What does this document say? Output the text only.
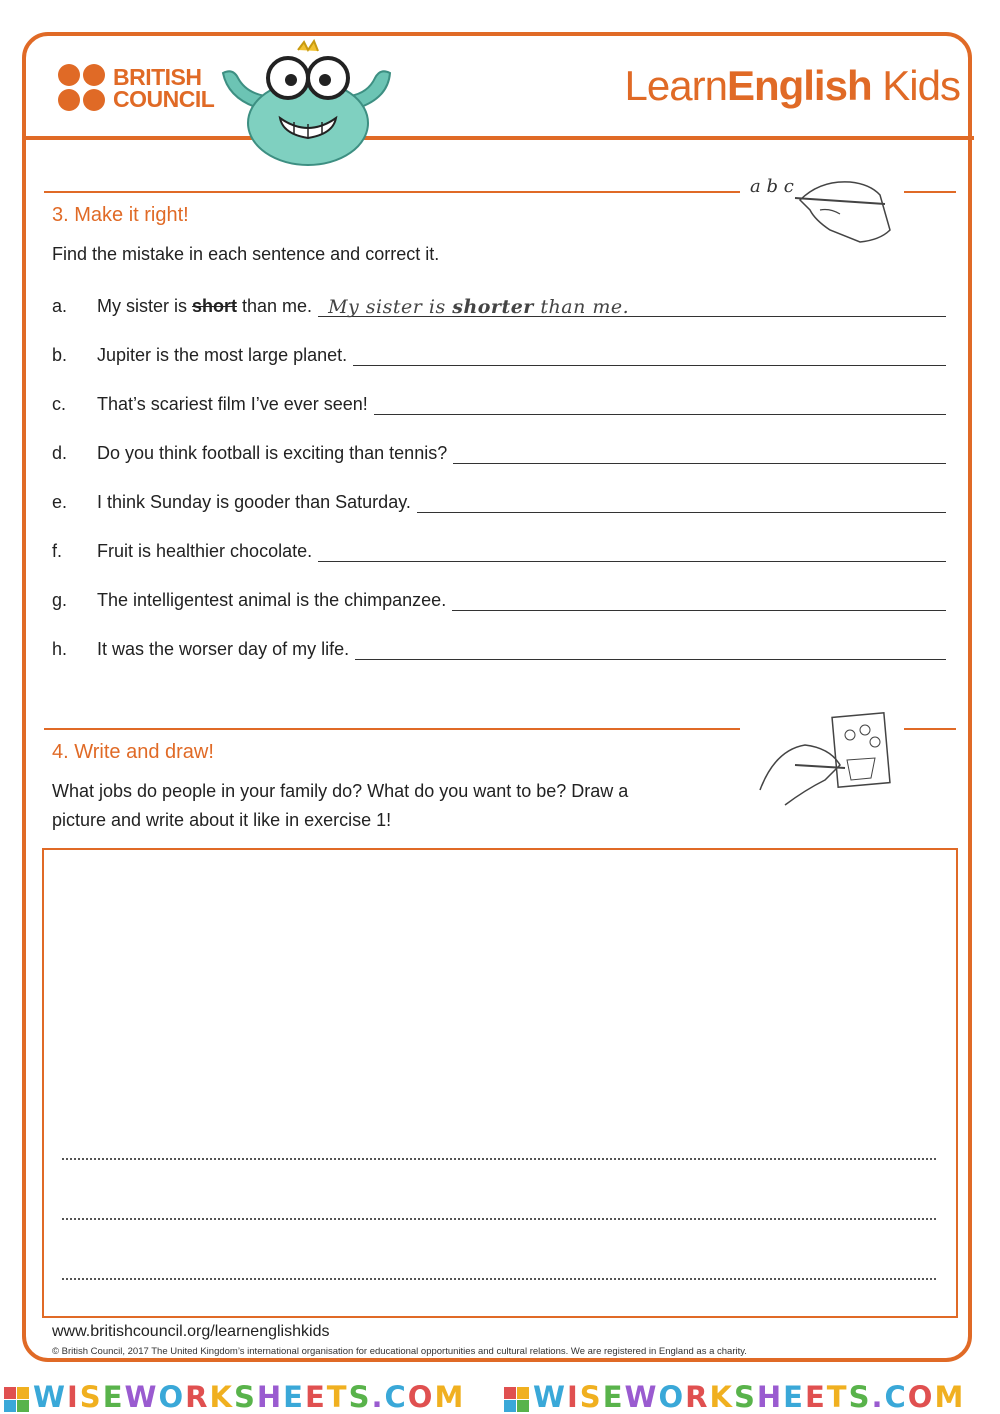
BRITISH
COUNCIL	LearnEnglish Kids
a b c
3. Make it right!
Find the mistake in each sentence and correct it.
a.	My sister is short than me. My sister is shorter than me.
b.	Jupiter is the most large planet.
c.	That’s scariest film I’ve ever seen!
d.	Do you think football is exciting than tennis?
e.	I think Sunday is gooder than Saturday.
f.	Fruit is healthier chocolate.
g.	The intelligentest animal is the chimpanzee.
h.	It was the worser day of my life.
4. Write and draw!
What jobs do people in your family do? What do you want to be? Draw a
picture and write about it like in exercise 1!
www.britishcouncil.org/learnenglishkids
© British Council, 2017 The United Kingdom’s international organisation for educational opportunities and cultural relations. We are registered in England as a charity.
WISEWORKSHEETS.COM	WISEWORKSHEETS.COM
